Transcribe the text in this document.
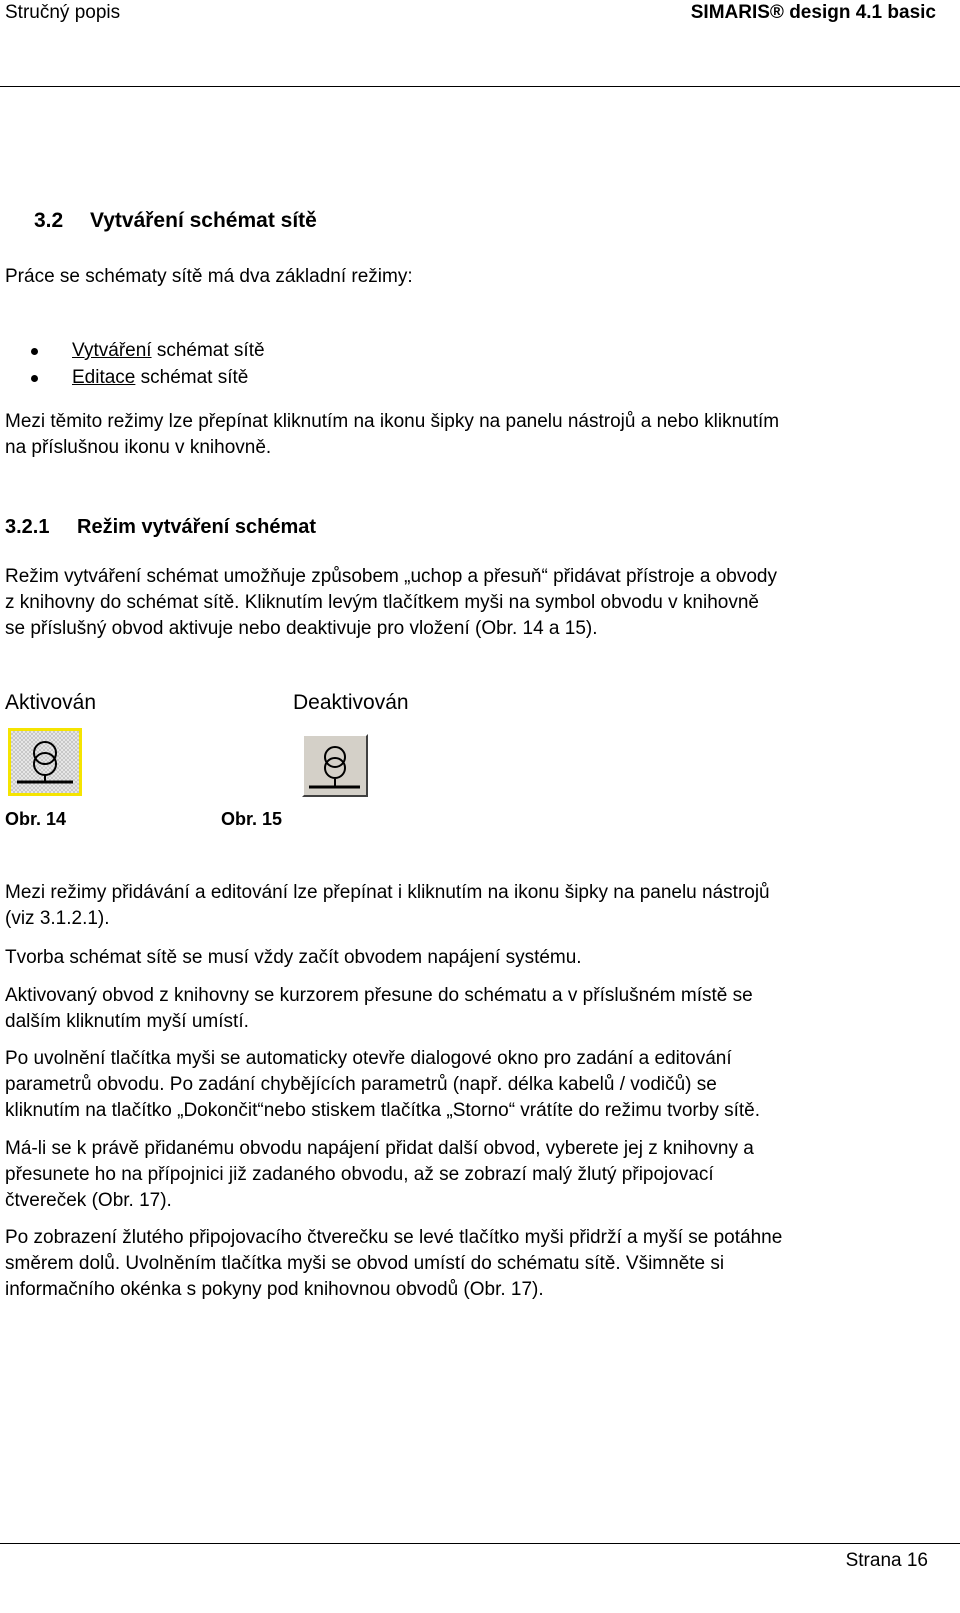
Stručný popis	SIMARIS® design 4.1 basic
3.2 Vytváření schémat sítě

Práce se schématy sítě má dva základní režimy:

Vytváření schémat sítě
Editace schémat sítě

Mezi těmito režimy lze přepínat kliknutím na ikonu šipky na panelu nástrojů a nebo kliknutím
na příslušnou ikonu v knihovně.

3.2.1 Režim vytváření schémat

Režim vytváření schémat umožňuje způsobem „uchop a přesuň“ přidávat přístroje a obvody
z knihovny do schémat sítě. Kliknutím levým tlačítkem myši na symbol obvodu v knihovně
se příslušný obvod aktivuje nebo deaktivuje pro vložení (Obr. 14 a 15).

Aktivován	Deaktivován
Obr. 14	Obr. 15

Mezi režimy přidávání a editování lze přepínat i kliknutím na ikonu šipky na panelu nástrojů
(viz 3.1.2.1).

Tvorba schémat sítě se musí vždy začít obvodem napájení systému.

Aktivovaný obvod z knihovny se kurzorem přesune do schématu a v příslušném místě se
dalším kliknutím myší umístí.

Po uvolnění tlačítka myši se automaticky otevře dialogové okno pro zadání a editování
parametrů obvodu. Po zadání chybějících parametrů (např. délka kabelů / vodičů) se
kliknutím na tlačítko „Dokončit“nebo stiskem tlačítka „Storno“ vrátíte do režimu tvorby sítě.

Má-li se k právě přidanému obvodu napájení přidat další obvod, vyberete jej z knihovny a
přesunete ho na přípojnici již zadaného obvodu, až se zobrazí malý žlutý připojovací
čtvereček (Obr. 17).

Po zobrazení žlutého připojovacího čtverečku se levé tlačítko myši přidrží a myší se potáhne
směrem dolů. Uvolněním tlačítka myši se obvod umístí do schématu sítě. Všimněte si
informačního okénka s pokyny pod knihovnou obvodů (Obr. 17).

Strana 16
